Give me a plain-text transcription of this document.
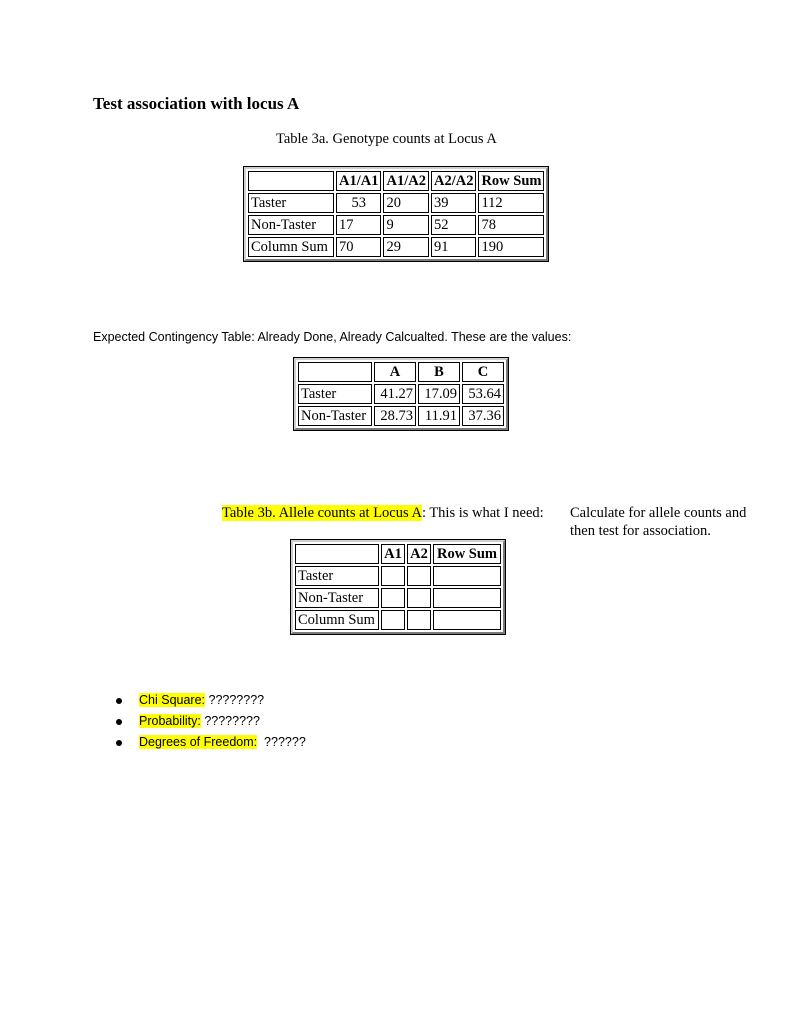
Test association with locus A
Table 3a. Genotype counts at Locus A
	A1/A1	A1/A2	A2/A2	Row Sum
Taster	53	20	39	112
Non-Taster	17	9	52	78
Column Sum	70	29	91	190
Expected Contingency Table: Already Done, Already Calcualted. These are the values:
	A	B	C
Taster	41.27	17.09	53.64
Non-Taster	28.73	11.91	37.36
Table 3b. Allele counts at Locus A: This is what I need: Calculate for allele counts and
then test for association.
	A1	A2	Row Sum
Taster			
Non-Taster			
Column Sum			
Chi Square: ????????
Probability: ????????
Degrees of Freedom:  ??????
